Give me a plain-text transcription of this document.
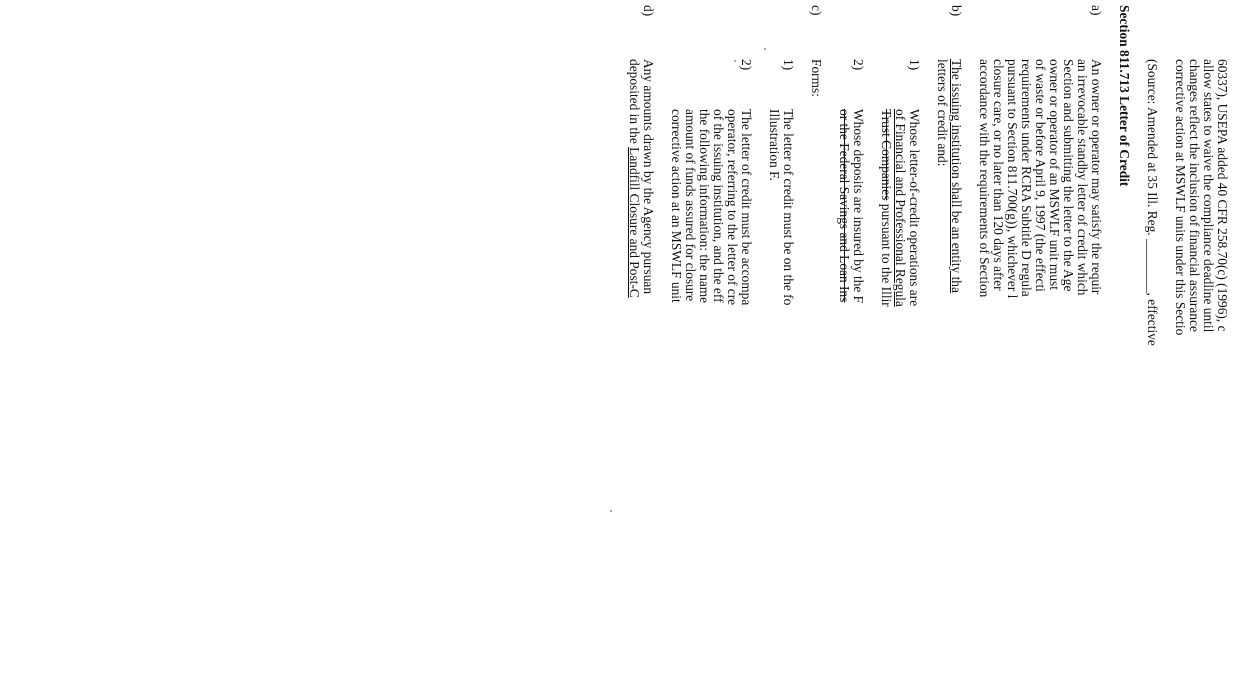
60337), USEPA added 40 CFR 258.70(c) (1996), c
allow states to waive the compliance deadline until
changes reflect the inclusion of financial assurance
corrective action at MSWLF units under this Sectio
(Source: Amended at 35 Ill. Reg. ________, effective
Section 811.713 Letter of Credit
a)
An owner or operator may satisfy the requir
an irrevocable standby letter of credit which
Section and submitting the letter to the Age
owner or operator of an MSWLF unit must
of waste or before April 9, 1997 (the effecti
requirements under RCRA Subtitle D regula
pursuant to Section 811.700(g)), whichever l
closure care, or no later than 120 days after
accordance with the requirements of Section
b)
The issuing institution shall be an entity tha
letters of credit and:
1)
Whose letter-of-credit operations are
of Financial and Professional Regula
Trust Companies pursuant to the Illir
2)
Whose deposits are insured by the F
or the Federal Savings and Loan Ins
c)
Forms:
1)
The letter of credit must be on the fo
Illustration F.
2)
The letter of credit must be accompa
operator, referring to the letter of cre
of the issuing institution, and the eff
the following information: the name
amount of funds assured for closure
corrective action at an MSWLF unit
d)
Any amounts drawn by the Agency pursuan
deposited in the Landfill Closure and Post-C
